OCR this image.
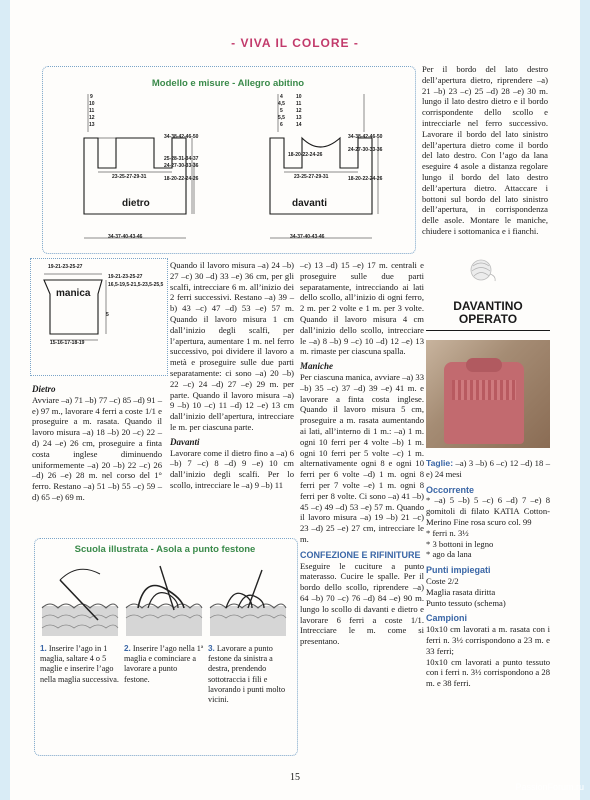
- VIVA IL COLORE -
Modello e misure - Allegro abitino
9
10
11
12
13
34-38-42-46-50
25-28-31-34-37
24-27-30-33-36
18-20-22-24-26
23-25-27-29-31
dietro
34-37-40-43-46
4
4,5
5
5,5
6
10
11
12
13
14
18-20-22-24-26
34-38-42-46-50
24-27-30-33-36
18-20-22-24-26
23-25-27-29-31
davanti
34-37-40-43-46
19-21-23-25-27
19-21-23-25-27
16,5-19,5-21,5-23,5-25,5
manica
5
15-16-17-18-19
Dietro
Avviare –a) 71 –b) 77 –c) 85 –d) 91 –e) 97 m., lavorare 4 ferri a coste 1/1 e proseguire a m. rasata. Quando il lavoro misura –a) 18 –b) 20 –c) 22 –d) 24 –e) 26 cm, proseguire a finta costa inglese diminuendo uniformemente –a) 20 –b) 22 –c) 26 –d) 26 –e) 28 m. nel corso del 1° ferro. Restano –a) 51 –b) 55 –c) 59 –d) 65 –e) 69 m.
Quando il lavoro misura –a) 24 –b) 27 –c) 30 –d) 33 –e) 36 cm, per gli scalfi, intrecciare 6 m. all’inizio dei 2 ferri successivi. Restano –a) 39 –b) 43 –c) 47 –d) 53 –e) 57 m. Quando il lavoro misura 1 cm dall’inizio degli scalfi, per l’apertura, aumentare 1 m. nel ferro successivo, poi dividere il lavoro a metà e proseguire sulle due parti separatamente: ci sono –a) 20 –b) 22 –c) 24 –d) 27 –e) 29 m. per parte. Quando il lavoro misura –a) 9 –b) 10 –c) 11 –d) 12 –e) 13 cm dall’inizio dell’apertura, intrecciare le m. per ciascuna parte.
Davanti
Lavorare come il dietro fino a –a) 6 –b) 7 –c) 8 –d) 9 –e) 10 cm dall’inizio degli scalfi. Per lo scollo, intrecciare le –a) 9 –b) 11
–c) 13 –d) 15 –e) 17 m. centrali e proseguire sulle due parti separatamente, intrecciando ai lati dello scollo, all’inizio di ogni ferro, 2 m. per 2 volte e 1 m. per 3 volte. Quando il lavoro misura 4 cm dall’inizio dello scollo, intrecciare le –a) 8 –b) 9 –c) 10 –d) 12 –e) 13 m. rimaste per ciascuna spalla.
Maniche
Per ciascuna manica, avviare –a) 33 –b) 35 –c) 37 –d) 39 –e) 41 m. e lavorare a finta costa inglese. Quando il lavoro misura 5 cm, proseguire a m. rasata aumentando ai lati, all’interno di 1 m.: –a) 1 m. ogni 10 ferri per 4 volte –b) 1 m. ogni 10 ferri per 5 volte –c) 1 m. alternativamente ogni 8 e ogni 10 ferri per 6 volte –d) 1 m. ogni 8 ferri per 7 volte –e) 1 m. ogni 8 ferri per 8 volte. Ci sono –a) 41 –b) 45 –c) 49 –d) 53 –e) 57 m. Quando il lavoro misura –a) 19 –b) 21 –c) 23 –d) 25 –e) 27 cm, intrecciare le m.
CONFEZIONE E RIFINITURE
Eseguire le cuciture a punto materasso. Cucire le spalle. Per il bordo dello scollo, riprendere –a) 64 –b) 70 –c) 76 –d) 84 –e) 90 m. lungo lo scollo di davanti e dietro e lavorare 6 ferri a coste 1/1. Intrecciare le m. come si presentano.
Per il bordo del lato destro dell’apertura dietro, riprendere –a) 21 –b) 23 –c) 25 –d) 28 –e) 30 m. lungo il lato destro dietro e il bordo corrispondente dello scollo e intrecciarle nel ferro successivo. Lavorare il bordo del lato sinistro dell’apertura dietro come il bordo del lato destro. Con l’ago da lana eseguire 4 asole a distanza regolare lungo il bordo del lato destro dell’apertura dietro. Attaccare i bottoni sul bordo del lato sinistro dell’apertura, in corrispondenza delle asole. Montare le maniche, chiudere i sottomanica e i fianchi.
DAVANTINO
OPERATO
Taglie: –a) 3 –b) 6 –c) 12 –d) 18 –e) 24 mesi
Occorrente
* –a) 5 –b) 5 –c) 6 –d) 7 –e) 8 gomitoli di filato KATIA Cotton-Merino Fine rosa scuro col. 99
* ferri n. 3½
* 3 bottoni in legno
* ago da lana
Punti impiegati
Coste 2/2
Maglia rasata diritta
Punto tessuto (schema)
Campioni
10x10 cm lavorati a m. rasata con i ferri n. 3½ corrispondono a 23 m. e 33 ferri;
10x10 cm lavorati a punto tessuto con i ferri n. 3½ corrispondono a 28 m. e 38 ferri.
Scuola illustrata - Asola a punto festone
1. Inserire l’ago in 1 maglia, saltare 4 o 5 maglie e inserire l’ago nella maglia successiva.
2. Inserire l’ago nella 1ª maglia e cominciare a lavorare a punto festone.
3. Lavorare a punto festone da sinistra a destra, prendendo sottotraccia i fili e lavorando i punti molto vicini.
15
PassionForum.ru
